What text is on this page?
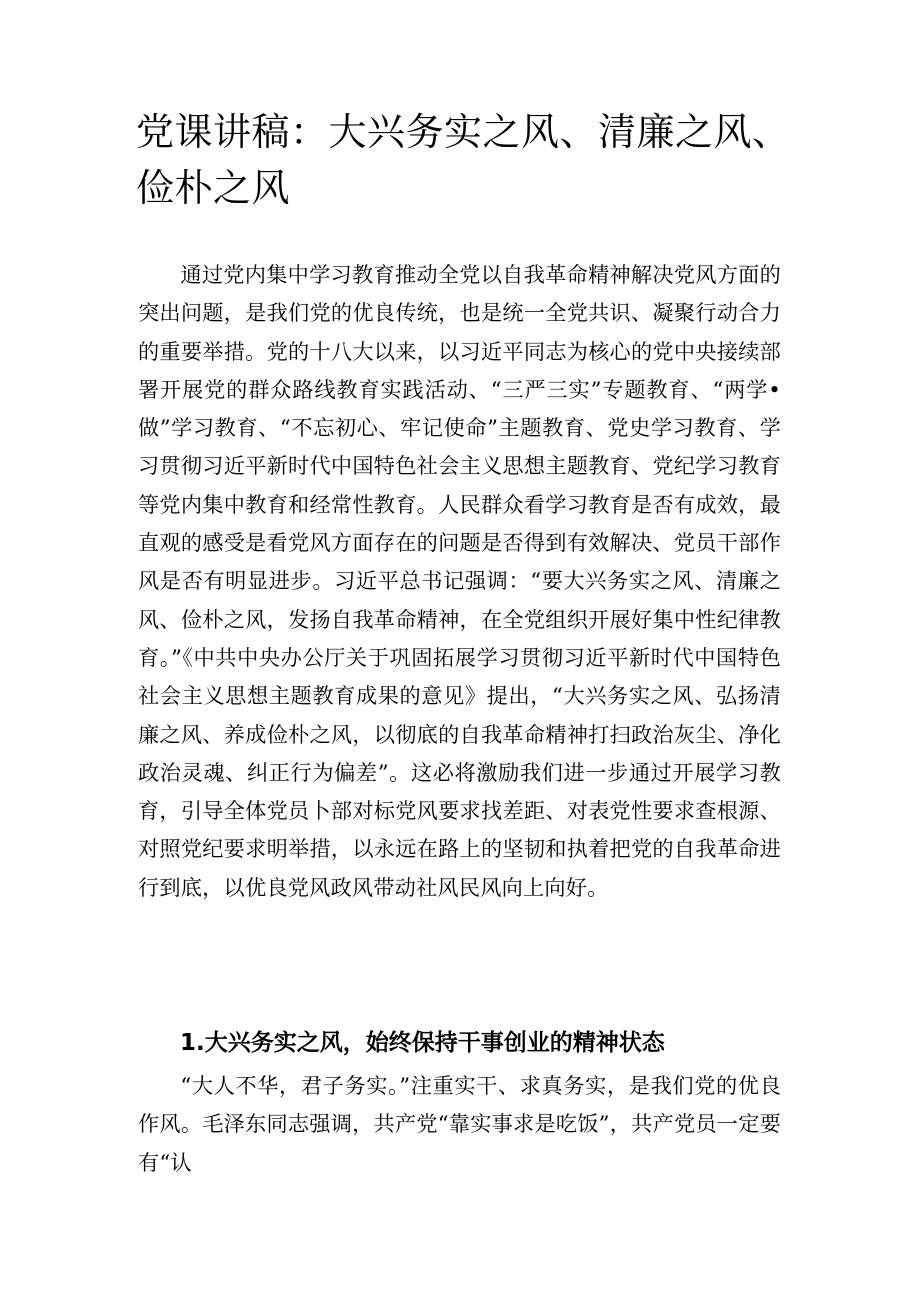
党课讲稿：大兴务实之风、清廉之风、俭朴之风

通过党内集中学习教育推动全党以自我革命精神解决党风方面的突出问题，是我们党的优良传统，也是统一全党共识、凝聚行动合力的重要举措。党的十八大以来，以习近平同志为核心的党中央接续部署开展党的群众路线教育实践活动、“三严三实”专题教育、“两学•做”学习教育、“不忘初心、牢记使命”主题教育、党史学习教育、学习贯彻习近平新时代中国特色社会主义思想主题教育、党纪学习教育等党内集中教育和经常性教育。人民群众看学习教育是否有成效，最直观的感受是看党风方面存在的问题是否得到有效解决、党员干部作风是否有明显进步。习近平总书记强调：“要大兴务实之风、清廉之风、俭朴之风，发扬自我革命精神，在全党组织开展好集中性纪律教育。”《中共中央办公厅关于巩固拓展学习贯彻习近平新时代中国特色社会主义思想主题教育成果的意见》提出，“大兴务实之风、弘扬清廉之风、养成俭朴之风，以彻底的自我革命精神打扫政治灰尘、净化政治灵魂、纠正行为偏差”。这必将激励我们进一步通过开展学习教育，引导全体党员卜部对标党风要求找差距、对表党性要求查根源、对照党纪要求明举措，以永远在路上的坚韧和执着把党的自我革命进行到底，以优良党风政风带动社风民风向上向好。

1.大兴务实之风，始终保持干事创业的精神状态

“大人不华，君子务实。”注重实干、求真务实，是我们党的优良作风。毛泽东同志强调，共产党“靠实事求是吃饭”，共产党员一定要有“认
